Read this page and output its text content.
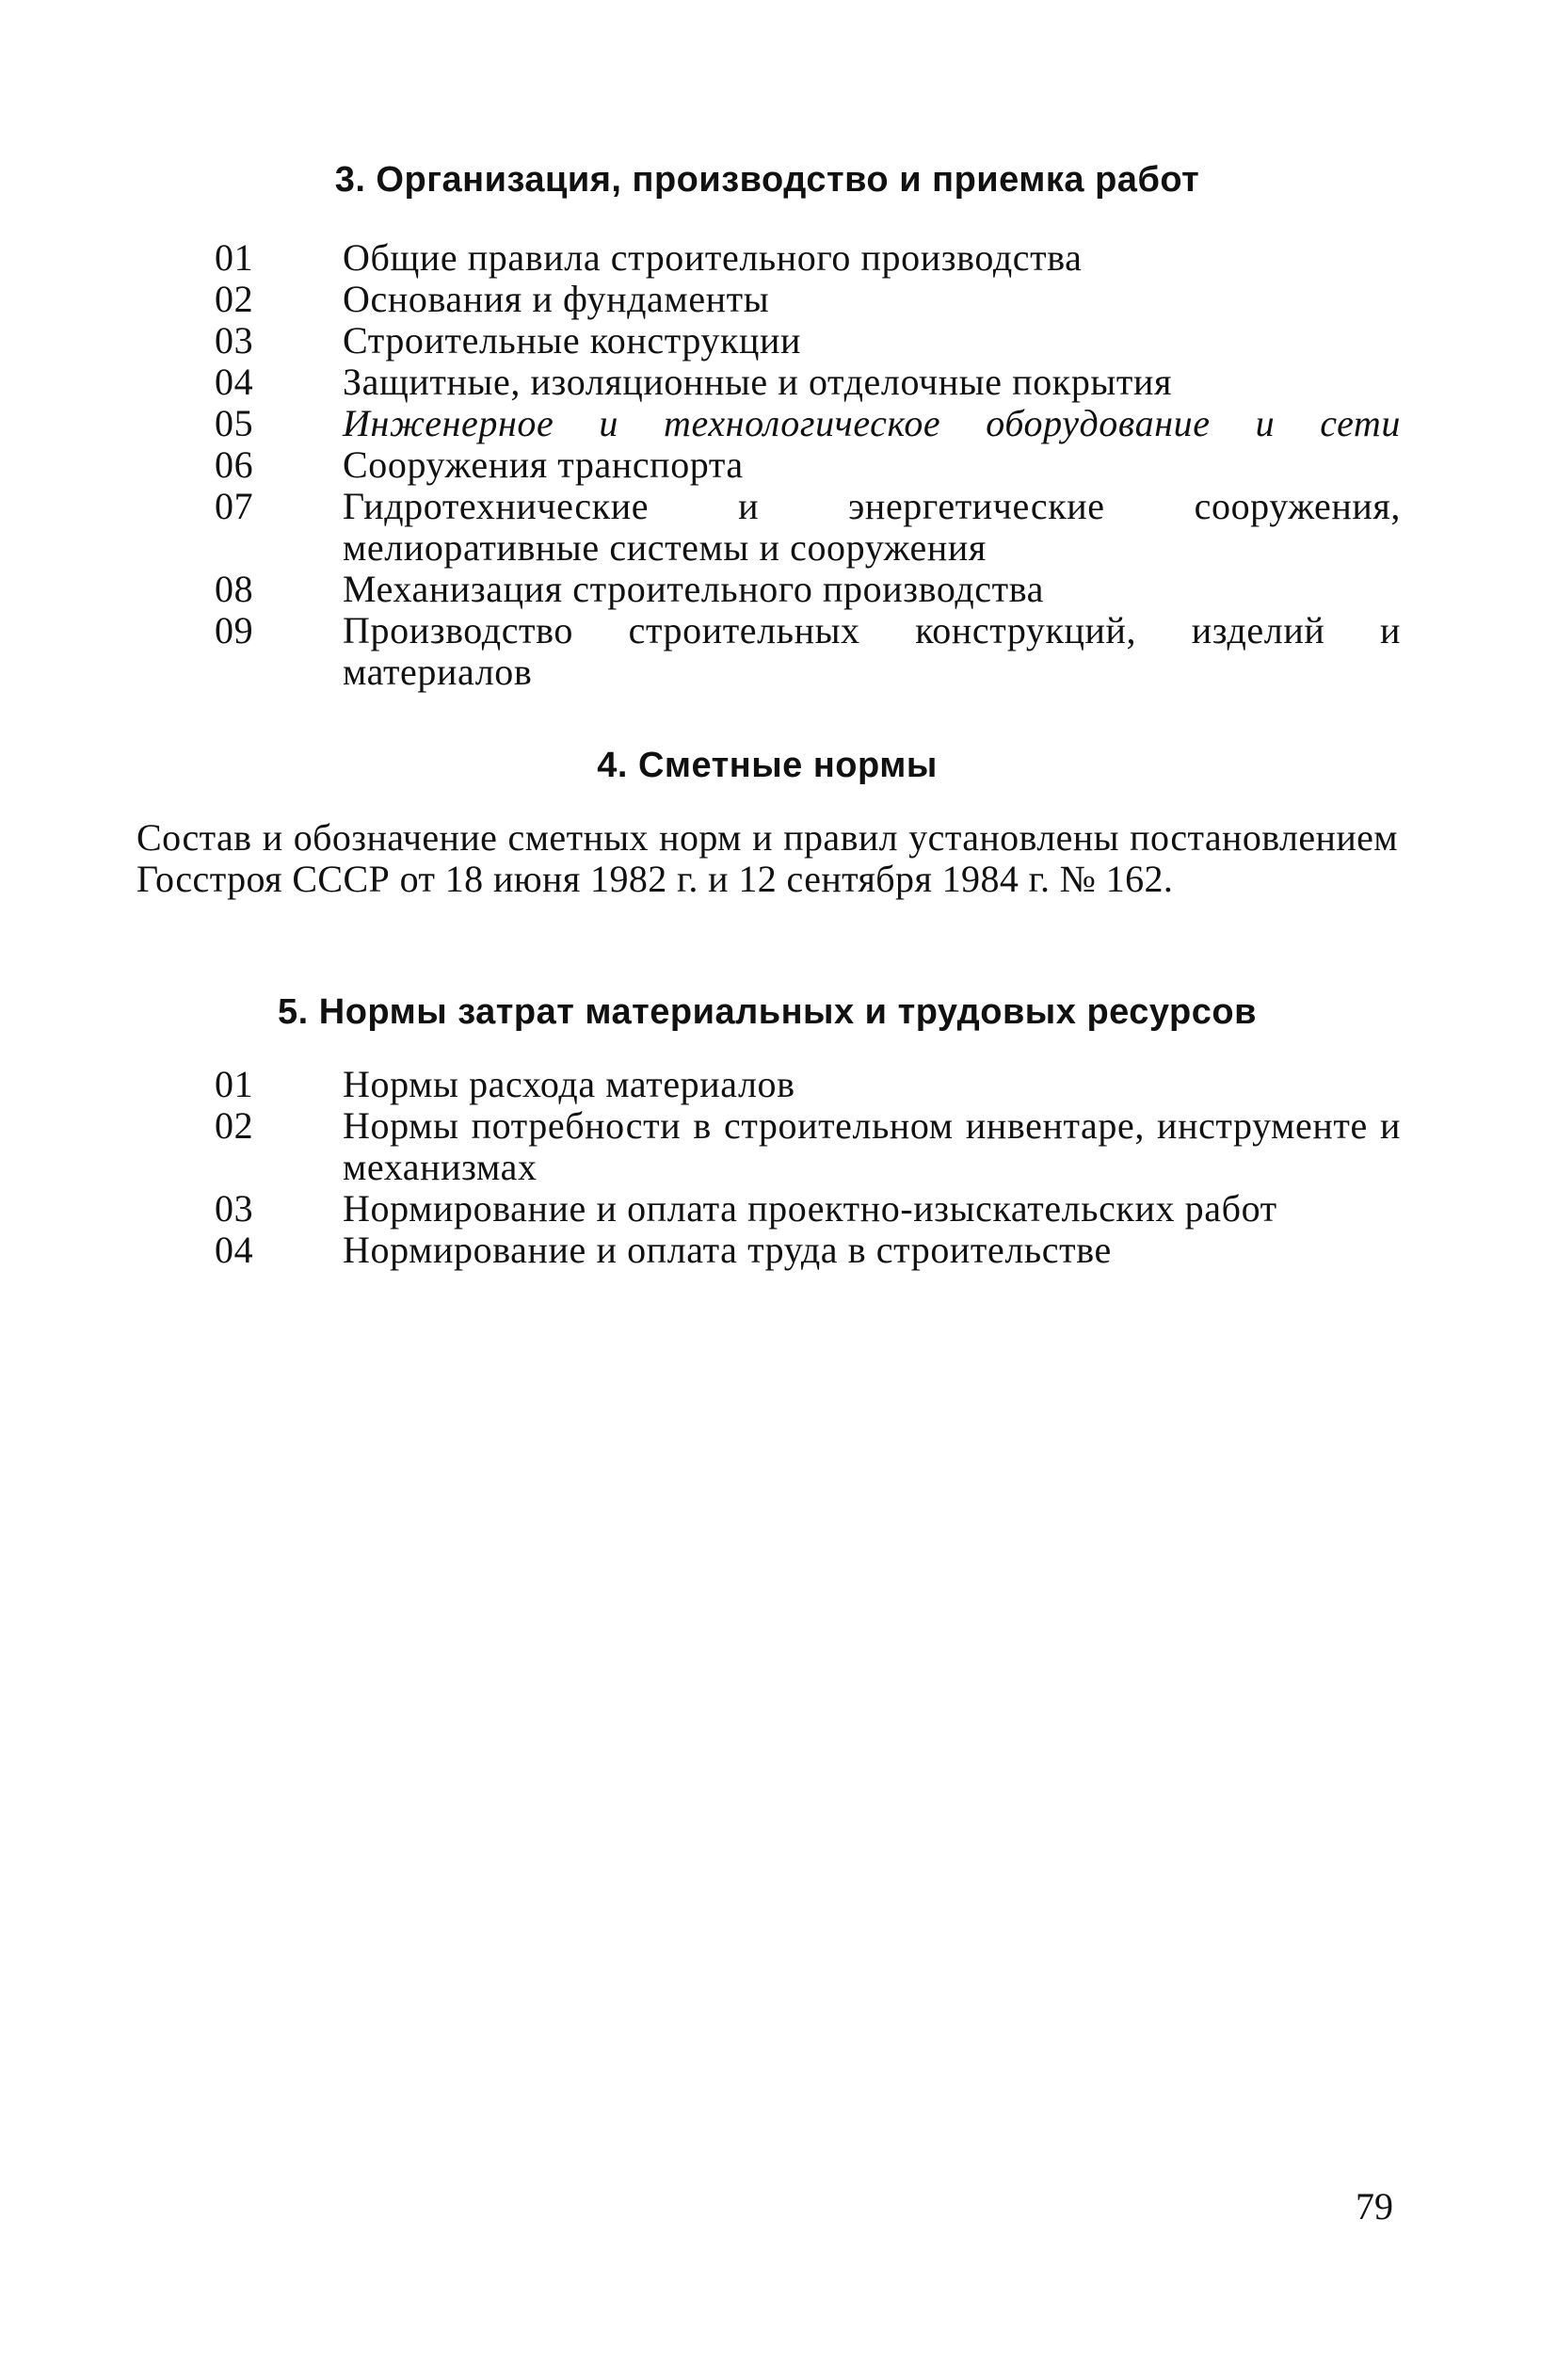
3. Организация, производство и приемка работ
01	Общие правила строительного производства
02	Основания и фундаменты
03	Строительные конструкции
04	Защитные, изоляционные и отделочные покрытия
05	Инженерное и технологическое оборудование и сети
06	Сооружения транспорта
07	Гидротехнические и энергетические сооружения, мелиоративные системы и сооружения
08	Механизация строительного производства
09	Производство строительных конструкций, изделий и материалов
4. Сметные нормы

Состав и обозначение сметных норм и правил установлены постановлением Госстроя СССР от 18 июня 1982 г. и 12 сентября 1984 г. № 162.

5. Нормы затрат материальных и трудовых ресурсов
01	Нормы расхода материалов
02	Нормы потребности в строительном инвентаре, инструменте и механизмах
03	Нормирование и оплата проектно-изыскательских работ
04	Нормирование и оплата труда в строительстве
79
